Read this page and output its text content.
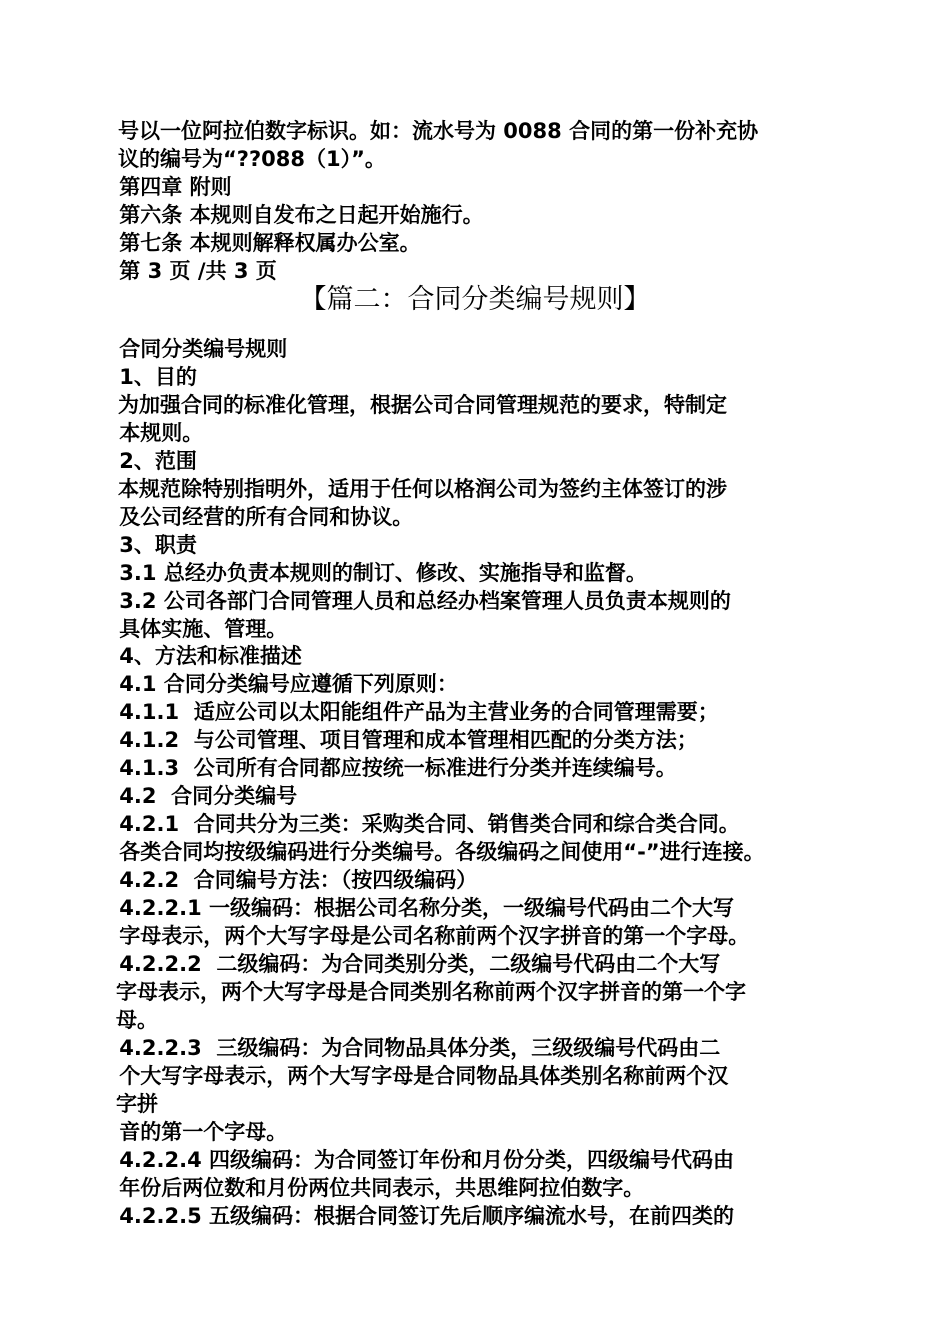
号以一位阿拉伯数字标识。如：流水号为 0088 合同的第一份补充协
议的编号为“??088（1）”。
第四章 附则
第六条 本规则自发布之日起开始施行。
第七条 本规则解释权属办公室。
第 3 页 /共 3 页
【篇二：合同分类编号规则】
合同分类编号规则
1、目的
为加强合同的标准化管理，根据公司合同管理规范的要求，特制定
本规则。
2、范围
本规范除特别指明外，适用于任何以格润公司为签约主体签订的涉
及公司经营的所有合同和协议。
3、职责
3.1 总经办负责本规则的制订、修改、实施指导和监督。
3.2 公司各部门合同管理人员和总经办档案管理人员负责本规则的
具体实施、管理。
4、方法和标准描述
4.1 合同分类编号应遵循下列原则：
4.1.1  适应公司以太阳能组件产品为主营业务的合同管理需要；
4.1.2  与公司管理、项目管理和成本管理相匹配的分类方法；
4.1.3  公司所有合同都应按统一标准进行分类并连续编号。
4.2  合同分类编号
4.2.1  合同共分为三类：采购类合同、销售类合同和综合类合同。
各类合同均按级编码进行分类编号。各级编码之间使用“-”进行连接。
4.2.2  合同编号方法：（按四级编码）
4.2.2.1 一级编码：根据公司名称分类，一级编号代码由二个大写
字母表示，两个大写字母是公司名称前两个汉字拼音的第一个字母。
4.2.2.2  二级编码：为合同类别分类，二级编号代码由二个大写
字母表示，两个大写字母是合同类别名称前两个汉字拼音的第一个字
母。
4.2.2.3  三级编码：为合同物品具体分类，三级级编号代码由二
个大写字母表示，两个大写字母是合同物品具体类别名称前两个汉
字拼
音的第一个字母。
4.2.2.4 四级编码：为合同签订年份和月份分类，四级编号代码由
年份后两位数和月份两位共同表示，共思维阿拉伯数字。
4.2.2.5 五级编码：根据合同签订先后顺序编流水号，在前四类的
